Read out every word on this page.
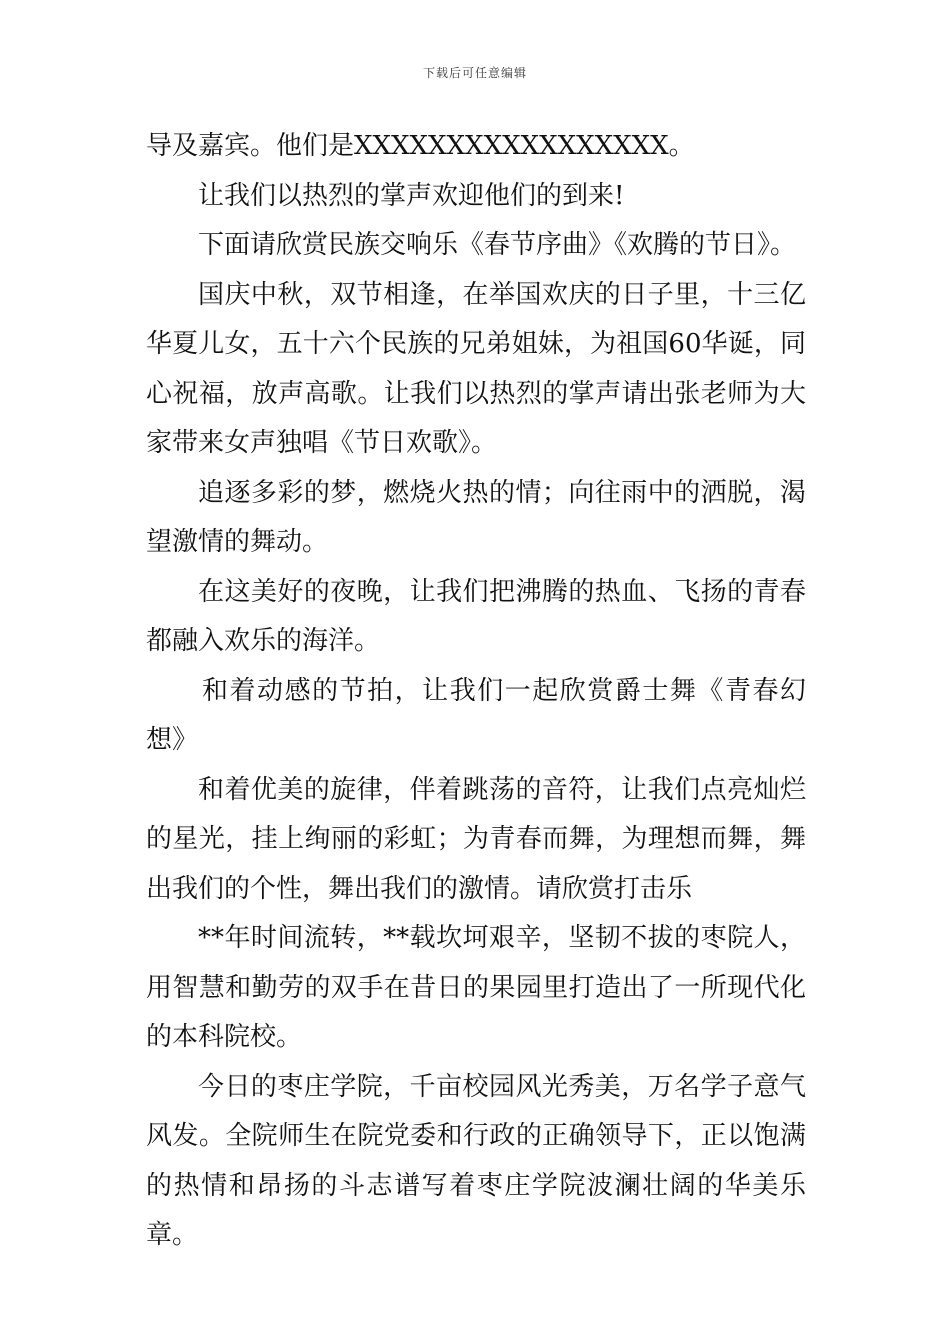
下载后可任意编辑

导及嘉宾。他们是XXXXXXXXXXXXXXXXX。

让我们以热烈的掌声欢迎他们的到来!

下面请欣赏民族交响乐《春节序曲》《欢腾的节日》。

国庆中秋，双节相逢，在举国欢庆的日子里，十三亿华夏儿女，五十六个民族的兄弟姐妹，为祖国60华诞，同心祝福，放声高歌。让我们以热烈的掌声请出张老师为大家带来女声独唱《节日欢歌》。

追逐多彩的梦，燃烧火热的情；向往雨中的洒脱，渴望激情的舞动。

在这美好的夜晚，让我们把沸腾的热血、飞扬的青春都融入欢乐的海洋。

和着动感的节拍，让我们一起欣赏爵士舞《青春幻想》

和着优美的旋律，伴着跳荡的音符，让我们点亮灿烂的星光，挂上绚丽的彩虹；为青春而舞，为理想而舞，舞出我们的个性，舞出我们的激情。请欣赏打击乐

**年时间流转，**载坎坷艰辛，坚韧不拔的枣院人，用智慧和勤劳的双手在昔日的果园里打造出了一所现代化的本科院校。

今日的枣庄学院，千亩校园风光秀美，万名学子意气风发。全院师生在院党委和行政的正确领导下，正以饱满的热情和昂扬的斗志谱写着枣庄学院波澜壮阔的华美乐章。
